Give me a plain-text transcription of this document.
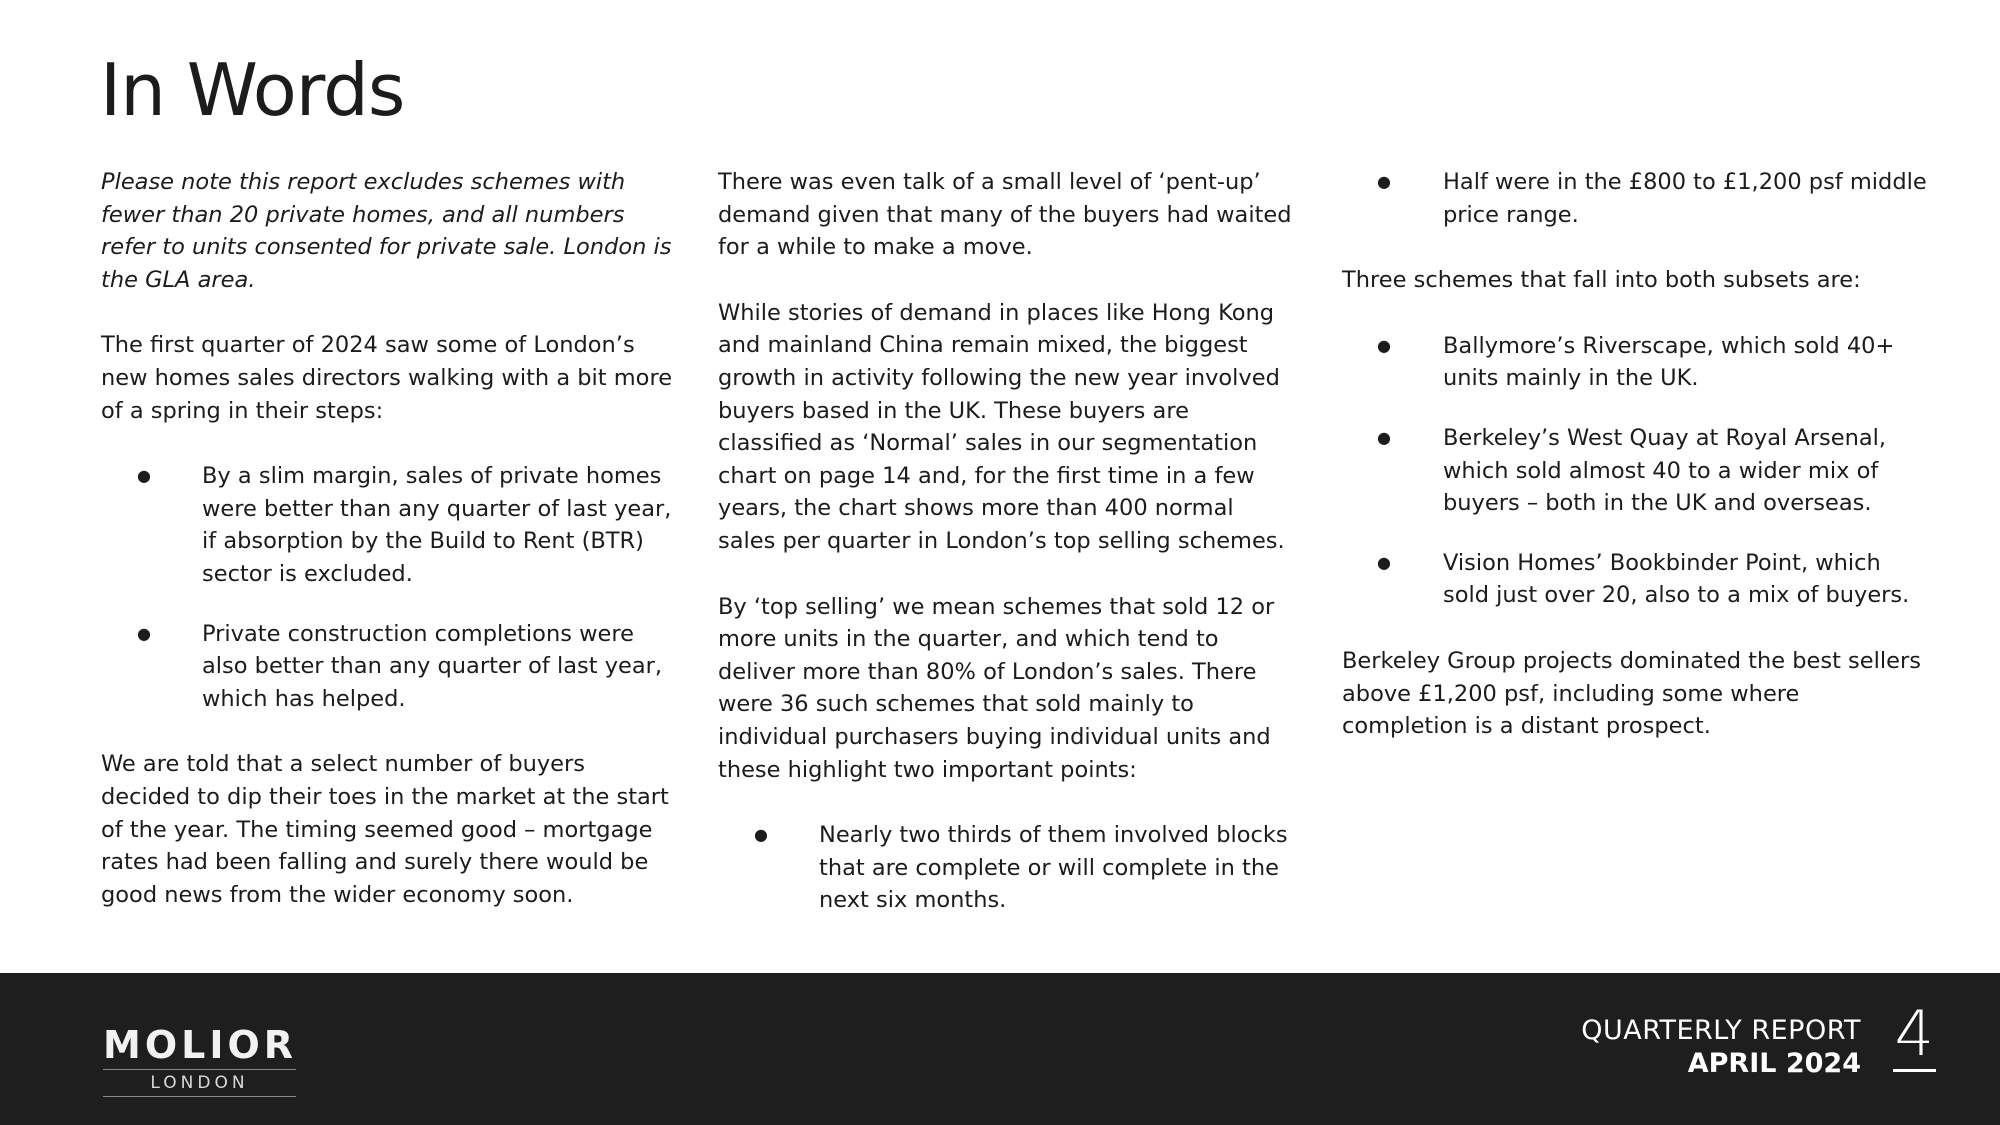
In Words

Please note this report excludes schemes with fewer than 20 private homes, and all numbers refer to units consented for private sale. London is the GLA area.

The first quarter of 2024 saw some of London’s new homes sales directors walking with a bit more of a spring in their steps:

● By a slim margin, sales of private homes were better than any quarter of last year, if absorption by the Build to Rent (BTR) sector is excluded.
● Private construction completions were also better than any quarter of last year, which has helped.

We are told that a select number of buyers decided to dip their toes in the market at the start of the year. The timing seemed good – mortgage rates had been falling and surely there would be good news from the wider economy soon.

There was even talk of a small level of ‘pent-up’ demand given that many of the buyers had waited for a while to make a move.

While stories of demand in places like Hong Kong and mainland China remain mixed, the biggest growth in activity following the new year involved buyers based in the UK. These buyers are classified as ‘Normal’ sales in our segmentation chart on page 14 and, for the first time in a few years, the chart shows more than 400 normal sales per quarter in London’s top selling schemes.

By ‘top selling’ we mean schemes that sold 12 or more units in the quarter, and which tend to deliver more than 80% of London’s sales. There were 36 such schemes that sold mainly to individual purchasers buying individual units and these highlight two important points:

● Nearly two thirds of them involved blocks that are complete or will complete in the next six months.
● Half were in the £800 to £1,200 psf middle price range.

Three schemes that fall into both subsets are:

● Ballymore’s Riverscape, which sold 40+ units mainly in the UK.
● Berkeley’s West Quay at Royal Arsenal, which sold almost 40 to a wider mix of buyers – both in the UK and overseas.
● Vision Homes’ Bookbinder Point, which sold just over 20, also to a mix of buyers.

Berkeley Group projects dominated the best sellers above £1,200 psf, including some where completion is a distant prospect.

MOLIOR
LONDON
QUARTERLY REPORT
APRIL 2024 4
